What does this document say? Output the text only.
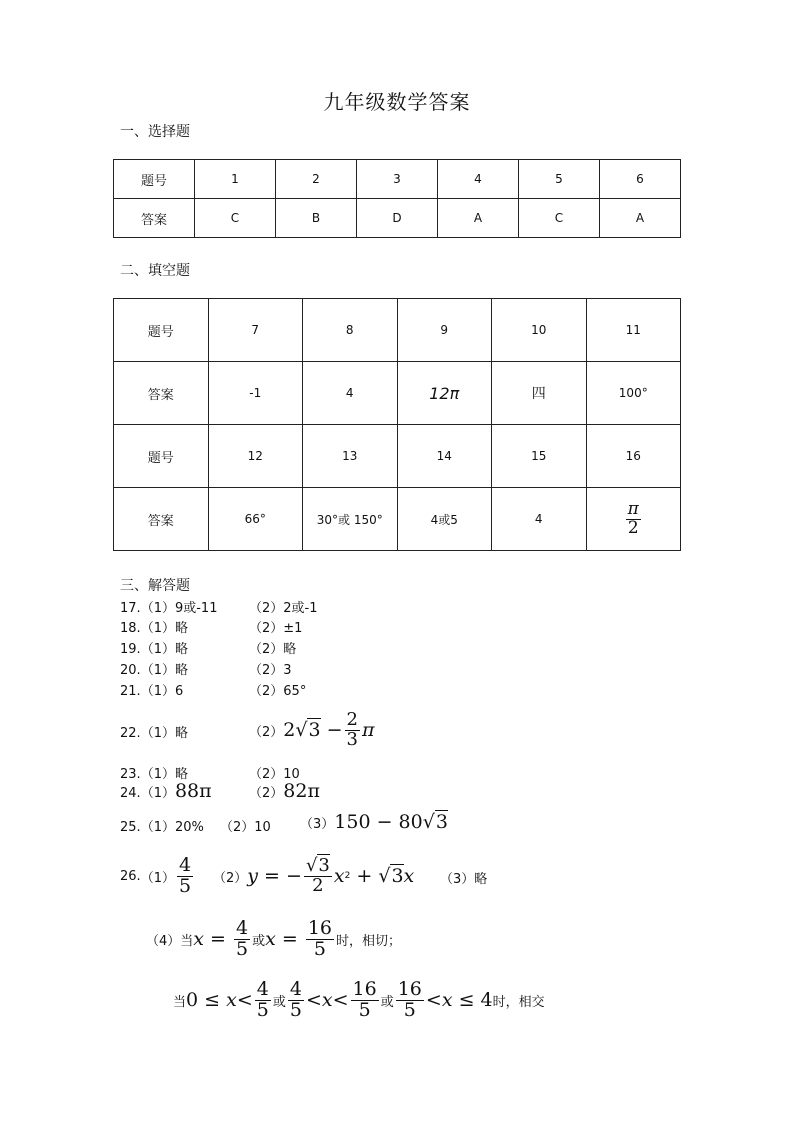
九年级数学答案
一、选择题
题号	1	2	3	4	5	6
答案	C	B	D	A	C	A
二、填空题
题号	7	8	9	10	11
答案	-1	4	12π	四	100°
题号	12	13	14	15	16
答案	66°	30°或 150°	4或5	4	$\frac{\pi}{2}$
三、解答题
17.（1）9或-11 （2）2或-1
18.（1）略	（2）±1
19.（1）略	（2）略
20.（1）略	（2）3
21.（1）6	（2）65°
22.（1）略	（2） $2√3 - \frac{2}{3}$ π
23.（1）略	（2）10
24.（1）88π	（2）82π
25.（1）20% （2）10 （3）150 − 80√3
26. $(1) \frac{4}{5} (2) y$ = − $\frac{√3}{2}$ x 2 + √3 x （3）略
（4）当 $x = \frac{4}{5}$ 或 $x = \frac{16}{5}$ 时，相切；
当 $0 \le x < \frac{4}{5}$ 或 $\frac{4}{5} < x < \frac{16}{5}$ 或 $\frac{16}{5} < x \le 4$ 时，相交
